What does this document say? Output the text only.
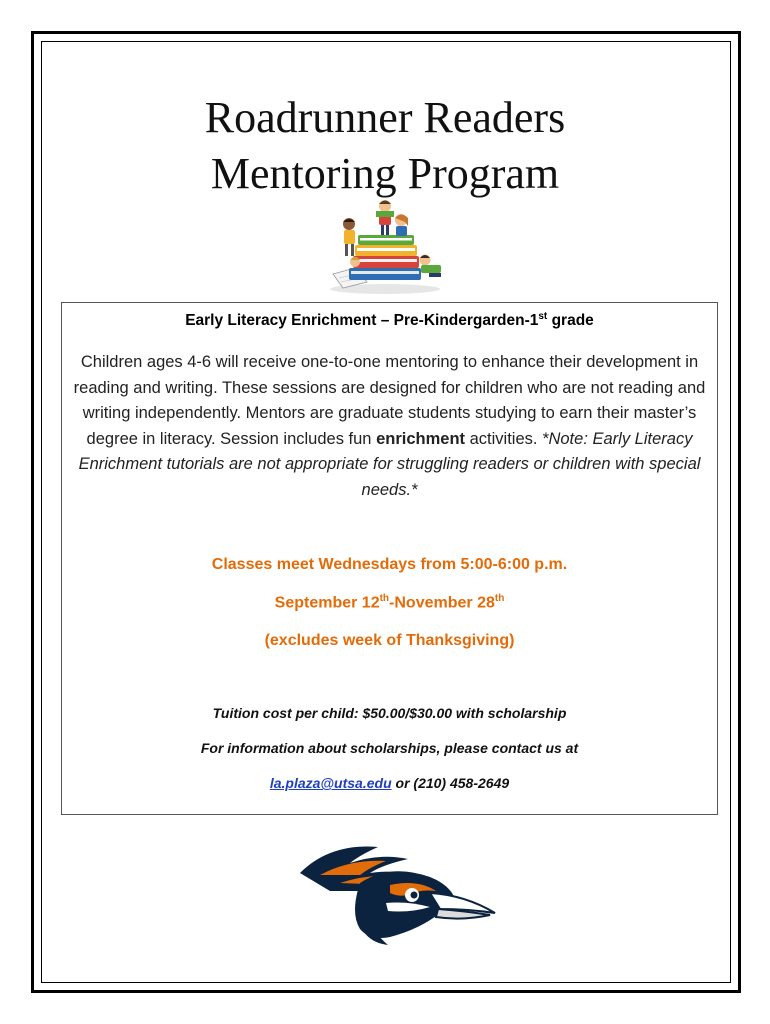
Roadrunner Readers
Mentoring Program
Early Literacy Enrichment – Pre-Kindergarden-1st grade
Children ages 4-6 will receive one-to-one mentoring to enhance their development in reading and writing. These sessions are designed for children who are not reading and writing independently. Mentors are graduate students studying to earn their master’s degree in literacy. Session includes fun enrichment activities. *Note: Early Literacy Enrichment tutorials are not appropriate for struggling readers or children with special needs.*
Classes meet Wednesdays from 5:00-6:00 p.m.
September 12th-November 28th
(excludes week of Thanksgiving)
Tuition cost per child: $50.00/$30.00 with scholarship
For information about scholarships, please contact us at
la.plaza@utsa.edu or (210) 458-2649
